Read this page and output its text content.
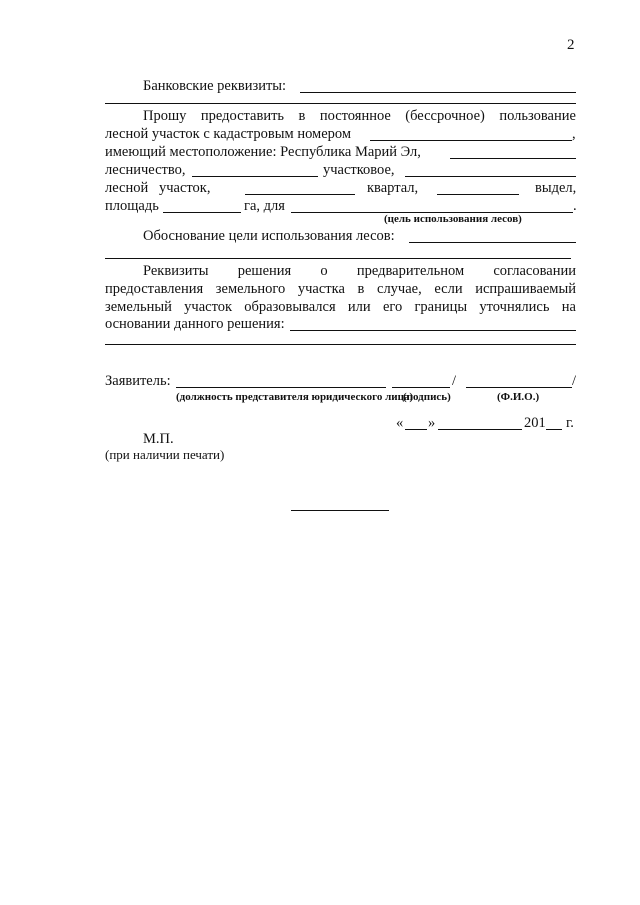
2
Банковские реквизиты:
Прошу предоставить в постоянное (бессрочное) пользование
лесной участок с кадастровым номером	,
имеющий местоположение: Республика Марий Эл,
лесничество,	участковое,
лесной участок,	квартал,	выдел,
площадь	га, для	.
(цель использования лесов)
Обоснование цели использования лесов:
Реквизиты решения о предварительном согласовании
предоставления земельного участка в случае, если испрашиваемый
земельный участок образовывался или его границы уточнялись на
основании данного решения:
Заявитель:	/	/
(должность представителя юридического лица)
(подпись)	(Ф.И.О.)
« »	201 г.
М.П.
(при наличии печати)
